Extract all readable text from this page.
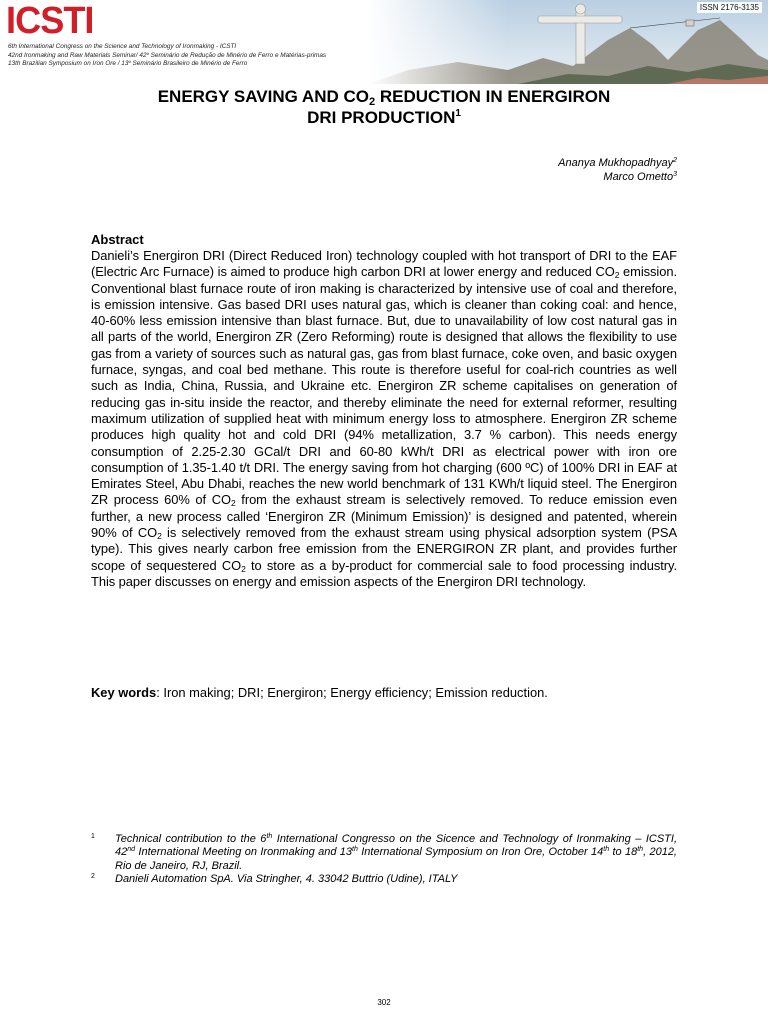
ICSTI
6th International Congress on the Science and Technology of Ironmaking - ICSTI
42nd Ironmaking and Raw Materials Seminar/ 42º Seminário de Redução de Minério de Ferro e Matérias-primas
13th Brazilian Symposium on Iron Ore / 13º Seminário Brasileiro de Minério de Ferro
ISSN 2176-3135
ENERGY SAVING AND $CO_2$ REDUCTION IN ENERGIRON
DRI PRODUCTION$^1$
Ananya Mukhopadhyay$^2$
Marco Ometto$^3$
Abstract
Danieli’s Energiron DRI (Direct Reduced Iron) technology coupled with hot transport of DRI to the EAF (Electric Arc Furnace) is aimed to produce high carbon DRI at lower energy and reduced $CO_2$ emission. Conventional blast furnace route of iron making is characterized by intensive use of coal and therefore, is emission intensive. Gas based DRI uses natural gas, which is cleaner than coking coal: and hence, 40-60% less emission intensive than blast furnace. But, due to unavailability of low cost natural gas in all parts of the world, Energiron ZR (Zero Reforming) route is designed that allows the flexibility to use gas from a variety of sources such as natural gas, gas from blast furnace, coke oven, and basic oxygen furnace, syngas, and coal bed methane. This route is therefore useful for coal-rich countries as well such as India, China, Russia, and Ukraine etc. Energiron ZR scheme capitalises on generation of reducing gas in-situ inside the reactor, and thereby eliminate the need for external reformer, resulting maximum utilization of supplied heat with minimum energy loss to atmosphere. Energiron ZR scheme produces high quality hot and cold DRI (94% metallization, 3.7 % carbon). This needs energy consumption of 2.25-2.30 GCal/t DRI and 60-80 kWh/t DRI as electrical power with iron ore consumption of 1.35-1.40 t/t DRI. The energy saving from hot charging (600 ºC) of 100% DRI in EAF at Emirates Steel, Abu Dhabi, reaches the new world benchmark of 131 KWh/t liquid steel. The Energiron ZR process 60% of $CO_2$ from the exhaust stream is selectively removed. To reduce emission even further, a new process called ‘Energiron ZR (Minimum Emission)’ is designed and patented, wherein 90% of $CO_2$ is selectively removed from the exhaust stream using physical adsorption system (PSA type). This gives nearly carbon free emission from the ENERGIRON ZR plant, and provides further scope of sequestered $CO_2$ to store as a by-product for commercial sale to food processing industry. This paper discusses on energy and emission aspects of the Energiron DRI technology.
Key words: Iron making; DRI; Energiron; Energy efficiency; Emission reduction.
1 Technical contribution to the 6th International Congresso on the Sicence and Technology of Ironmaking – ICSTI, 42nd International Meeting on Ironmaking and 13th International Symposium on Iron Ore, October 14th to 18th, 2012, Rio de Janeiro, RJ, Brazil.
2 Danieli Automation SpA. Via Stringher, 4. 33042 Buttrio (Udine), ITALY
302
